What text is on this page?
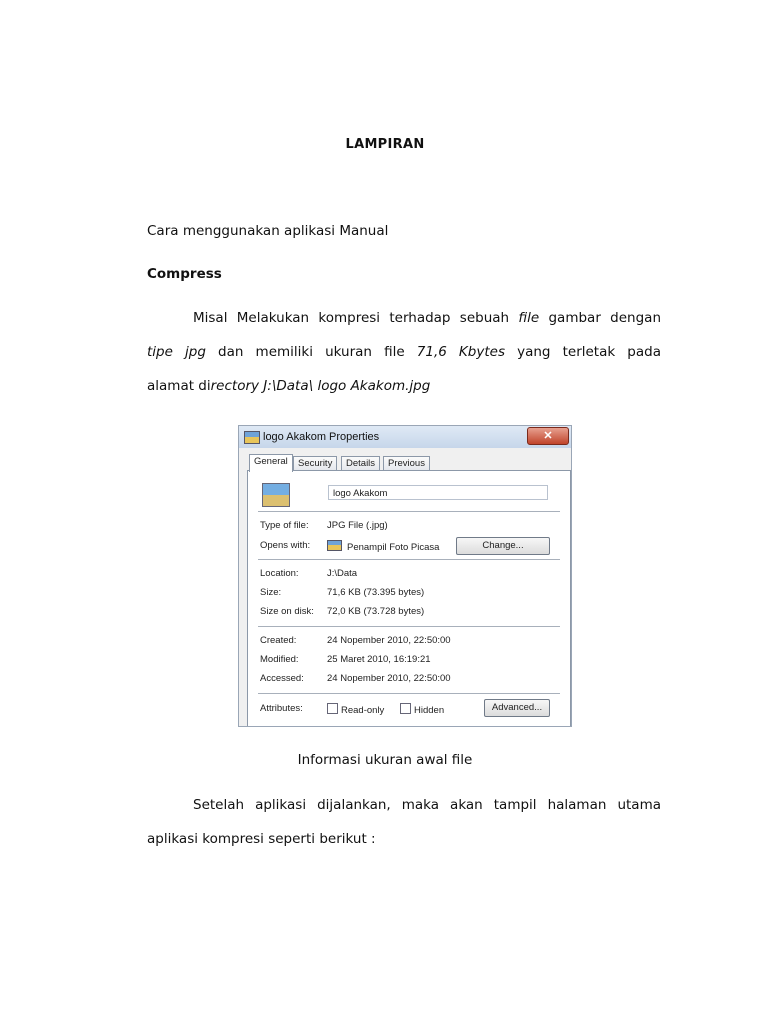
LAMPIRAN
Cara menggunakan aplikasi Manual
Compress
Misal Melakukan kompresi terhadap sebuah file gambar dengan
tipe jpg dan memiliki ukuran file 71,6 Kbytes yang terletak pada
alamat directory J:\Data\ logo Akakom.jpg
logo Akakom Properties	✕
General	Security	Details	Previous
logo Akakom
Type of file: JPG File (.jpg)
Opens with:	Penampil Foto Picasa	Change...
Location:	J:\Data
Size:	71,6 KB (73.395 bytes)
Size on disk: 72,0 KB (73.728 bytes)
Created:	24 Nopember 2010, 22:50:00
Modified:	25 Maret 2010, 16:19:21
Accessed: 24 Nopember 2010, 22:50:00
Attributes:	Read-only	Hidden	Advanced...
Informasi ukuran awal file
Setelah aplikasi dijalankan, maka akan tampil halaman utama
aplikasi kompresi seperti berikut :
